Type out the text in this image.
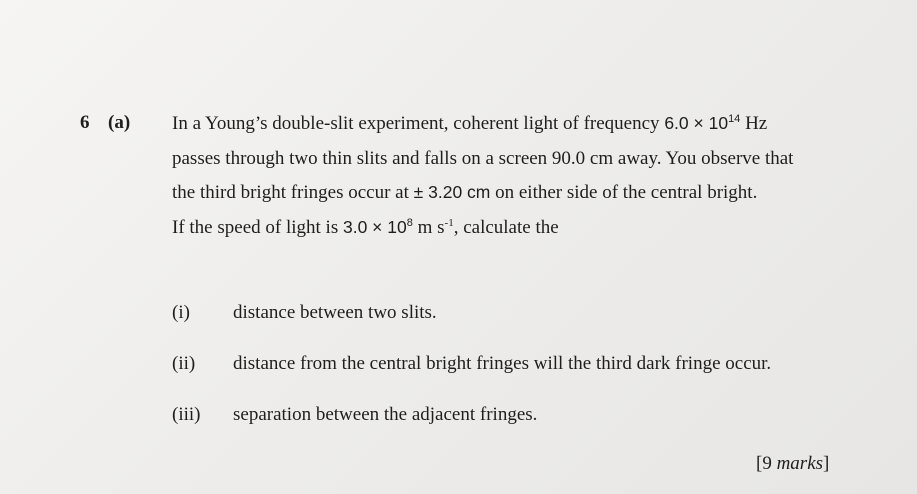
6 (a) In a Young’s double-slit experiment, coherent light of frequency $6.0 \times 10^{14}$ Hz
passes through two thin slits and falls on a screen 90.0 cm away. You observe that
the third bright fringes occur at ± 3.20 cm on either side of the central bright.
If the speed of light is $3.0 \times 10^8$ m $s^{-1}$, calculate the
(i) distance between two slits.
(ii) distance from the central bright fringes will the third dark fringe occur.
(iii) separation between the adjacent fringes.
[9 marks]
